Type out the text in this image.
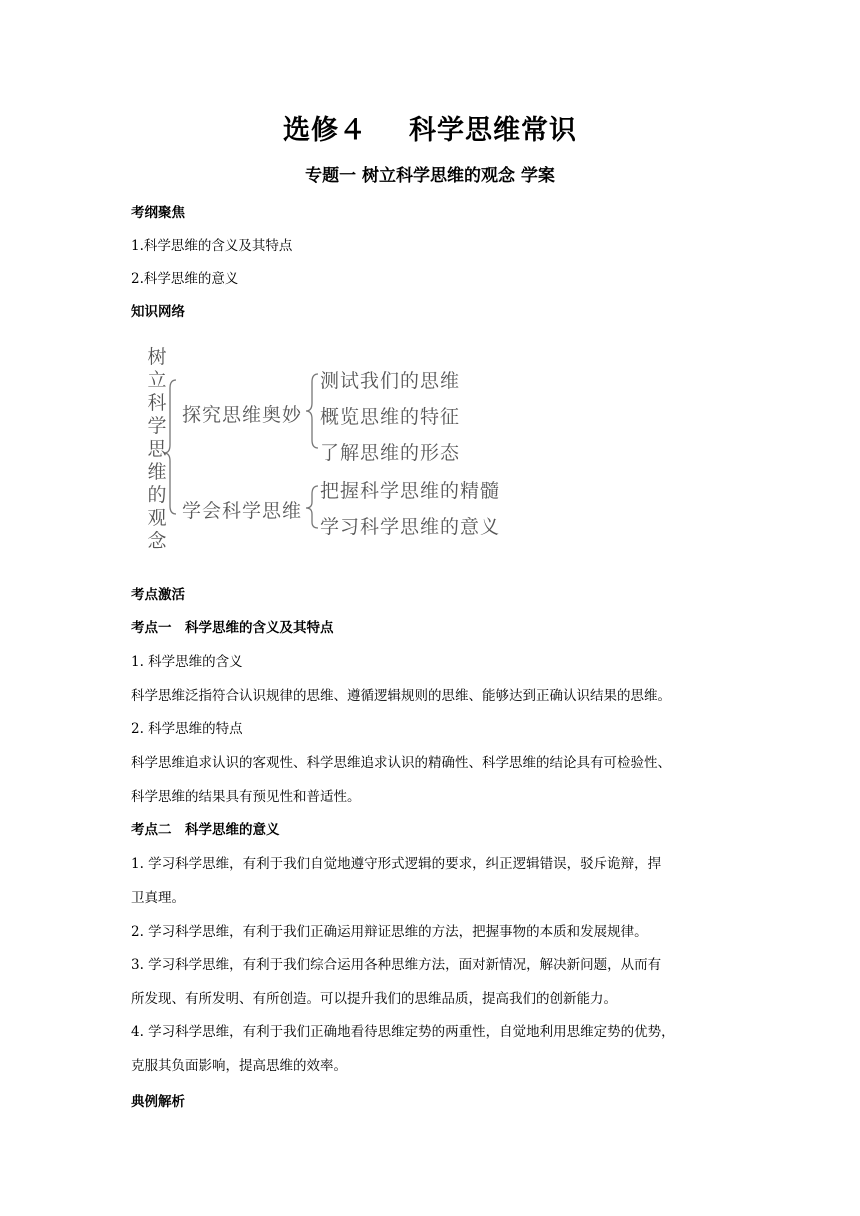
选修４ 科学思维常识
专题一 树立科学思维的观念 学案
考纲聚焦
1.科学思维的含义及其特点
2.科学思维的意义
知识网络
树
立
科
学
思
维
的
观
念
探究思维奥妙
学会科学思维
测试我们的思维
概览思维的特征
了解思维的形态
把握科学思维的精髓
学习科学思维的意义
考点激活
考点一　科学思维的含义及其特点
1. 科学思维的含义
科学思维泛指符合认识规律的思维、遵循逻辑规则的思维、能够达到正确认识结果的思维。
2. 科学思维的特点
科学思维追求认识的客观性、科学思维追求认识的精确性、科学思维的结论具有可检验性、
科学思维的结果具有预见性和普适性。
考点二　科学思维的意义
1. 学习科学思维，有利于我们自觉地遵守形式逻辑的要求，纠正逻辑错误，驳斥诡辩，捍
卫真理。
2. 学习科学思维，有利于我们正确运用辩证思维的方法，把握事物的本质和发展规律。
3. 学习科学思维，有利于我们综合运用各种思维方法，面对新情况，解决新问题，从而有
所发现、有所发明、有所创造。可以提升我们的思维品质，提高我们的创新能力。
4. 学习科学思维，有利于我们正确地看待思维定势的两重性，自觉地利用思维定势的优势，
克服其负面影响，提高思维的效率。
典例解析
